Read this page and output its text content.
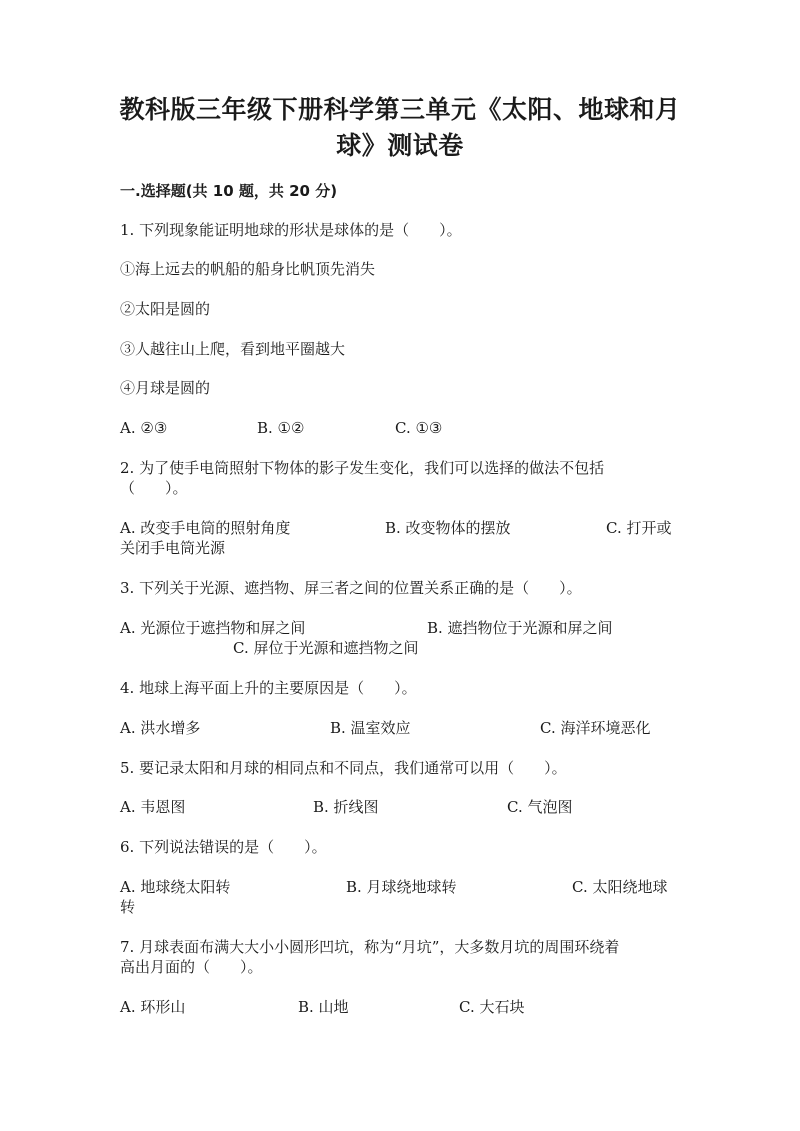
教科版三年级下册科学第三单元《太阳、地球和月
球》测试卷
一.选择题(共 10 题，共 20 分)
1. 下列现象能证明地球的形状是球体的是（　　）。
①海上远去的帆船的船身比帆顶先消失
②太阳是圆的
③人越往山上爬，看到地平圈越大
④月球是圆的
A. ②③	B. ①②	C. ①③
2. 为了使手电筒照射下物体的影子发生变化，我们可以选择的做法不包括
（　　）。
A. 改变手电筒的照射角度	B. 改变物体的摆放	C. 打开或
关闭手电筒光源
3. 下列关于光源、遮挡物、屏三者之间的位置关系正确的是（　　）。
A. 光源位于遮挡物和屏之间	B. 遮挡物位于光源和屏之间
C. 屏位于光源和遮挡物之间
4. 地球上海平面上升的主要原因是（　　）。
A. 洪水增多	B. 温室效应	C. 海洋环境恶化
5. 要记录太阳和月球的相同点和不同点，我们通常可以用（　　）。
A. 韦恩图	B. 折线图	C. 气泡图
6. 下列说法错误的是（　　）。
A. 地球绕太阳转	B. 月球绕地球转	C. 太阳绕地球
转
7. 月球表面布满大大小小圆形凹坑，称为“月坑”，大多数月坑的周围环绕着
高出月面的（　　）。
A. 环形山	B. 山地	C. 大石块
